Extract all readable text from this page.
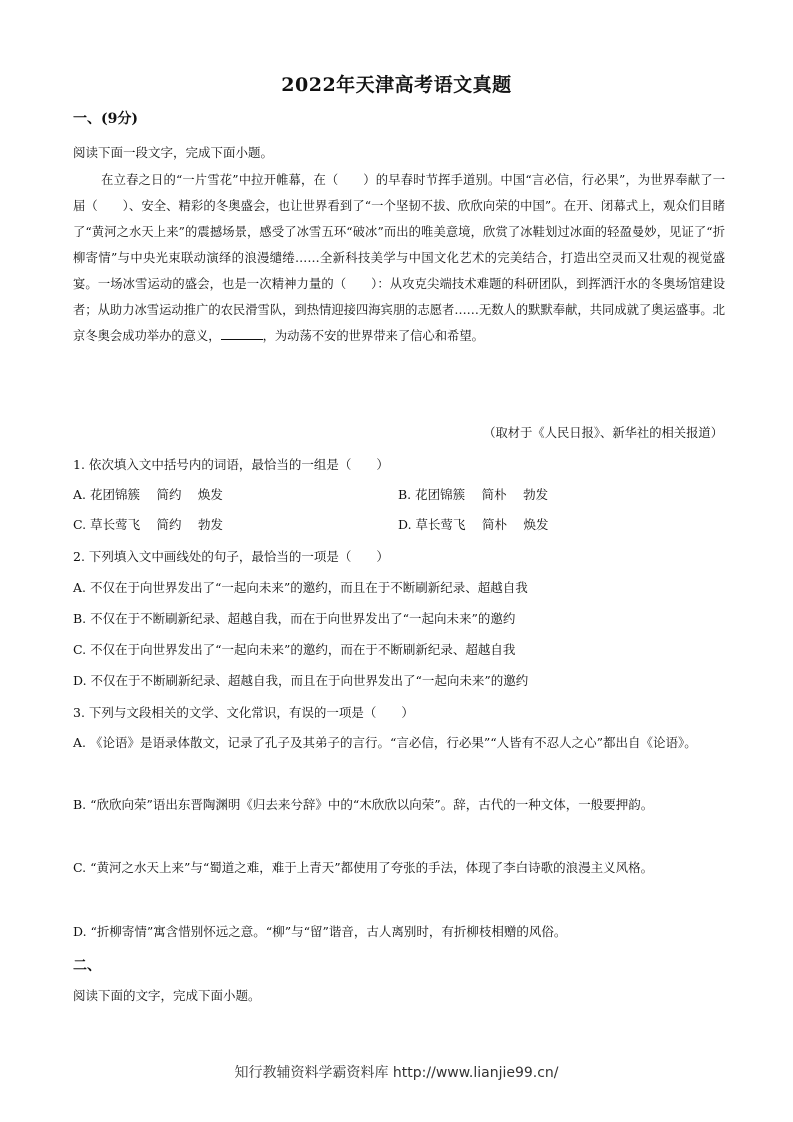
2022年天津高考语文真题
一、(9分)
阅读下面一段文字，完成下面小题。
在立春之日的“一片雪花”中拉开帷幕，在（　　）的早春时节挥手道别。中国“言必信，行必果”，为世界奉献了一届（　　）、安全、精彩的冬奥盛会，也让世界看到了“一个坚韧不拔、欣欣向荣的中国”。在开、闭幕式上，观众们目睹了“黄河之水天上来”的震撼场景，感受了冰雪五环“破冰”而出的唯美意境，欣赏了冰鞋划过冰面的轻盈曼妙，见证了“折柳寄情”与中央光束联动演绎的浪漫缱绻……全新科技美学与中国文化艺术的完美结合，打造出空灵而又壮观的视觉盛宴。一场冰雪运动的盛会，也是一次精神力量的（　　）：从攻克尖端技术难题的科研团队，到挥洒汗水的冬奥场馆建设者；从助力冰雪运动推广的农民滑雪队，到热情迎接四海宾朋的志愿者……无数人的默默奉献，共同成就了奥运盛事。北京冬奥会成功举办的意义，	，为动荡不安的世界带来了信心和希望。
（取材于《人民日报》、新华社的相关报道）
1. 依次填入文中括号内的词语，最恰当的一组是（　　）
A. 花团锦簇　 简约　 焕发	B. 花团锦簇　 简朴　 勃发
C. 草长莺飞　 简约　 勃发	D. 草长莺飞　 简朴　 焕发
2. 下列填入文中画线处的句子，最恰当的一项是（　　）
A. 不仅在于向世界发出了“一起向未来”的邀约，而且在于不断刷新纪录、超越自我
B. 不仅在于不断刷新纪录、超越自我，而在于向世界发出了“一起向未来”的邀约
C. 不仅在于向世界发出了“一起向未来”的邀约，而在于不断刷新纪录、超越自我
D. 不仅在于不断刷新纪录、超越自我，而且在于向世界发出了“一起向未来”的邀约
3. 下列与文段相关的文学、文化常识，有误的一项是（　　）
A. 《论语》是语录体散文，记录了孔子及其弟子的言行。“言必信，行必果”“人皆有不忍人之心”都出自《论语》。
B. “欣欣向荣”语出东晋陶渊明《归去来兮辞》中的“木欣欣以向荣”。辞，古代的一种文体，一般要押韵。
C. “黄河之水天上来”与“蜀道之难，难于上青天”都使用了夸张的手法，体现了李白诗歌的浪漫主义风格。
D. “折柳寄情”寓含惜别怀远之意。“柳”与“留”谐音，古人离别时，有折柳枝相赠的风俗。
二、
阅读下面的文字，完成下面小题。
知行教辅资料学霸资料库 http://www.lianjie99.cn/
